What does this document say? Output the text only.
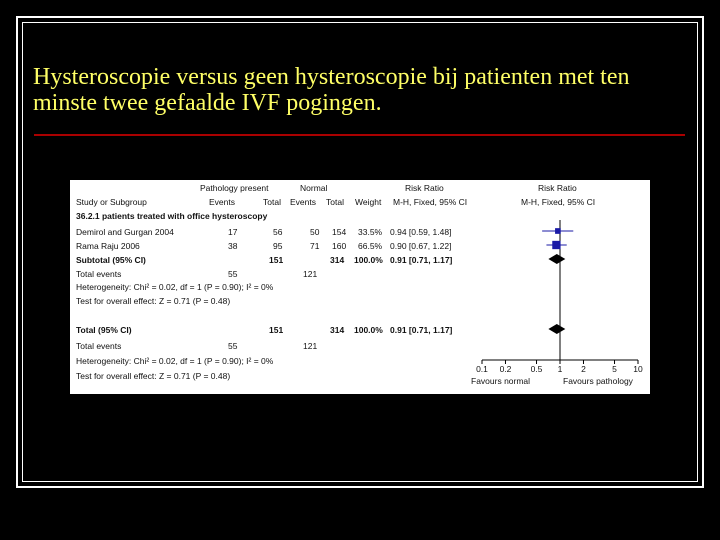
Hysteroscopie versus geen hysteroscopie bij patienten met ten minste twee gefaalde IVF pogingen.
Pathology present	Normal	Risk Ratio	Risk Ratio
Study or Subgroup	Events	Total Events Total Weight M-H, Fixed, 95% CI	M-H, Fixed, 95% CI
36.2.1 patients treated with office hysteroscopy
Demirol and Gurgan 2004	17	56	50 154 33.5% 0.94 [0.59, 1.48]
Rama Raju 2006	38	95	71 160 66.5% 0.90 [0.67, 1.22]
Subtotal (95% CI)	151	314 100.0% 0.91 [0.71, 1.17]
Total events	55	121
Heterogeneity: Chi² = 0.02, df = 1 (P = 0.90); I² = 0%
Test for overall effect: Z = 0.71 (P = 0.48)
Total (95% CI)	151	314 100.0% 0.91 [0.71, 1.17]
Total events	55	121
Heterogeneity: Chi² = 0.02, df = 1 (P = 0.90); I² = 0%
Test for overall effect: Z = 0.71 (P = 0.48)
0.1 0.2 0.5 1 2	5 10
Favours normal	Favours pathology
